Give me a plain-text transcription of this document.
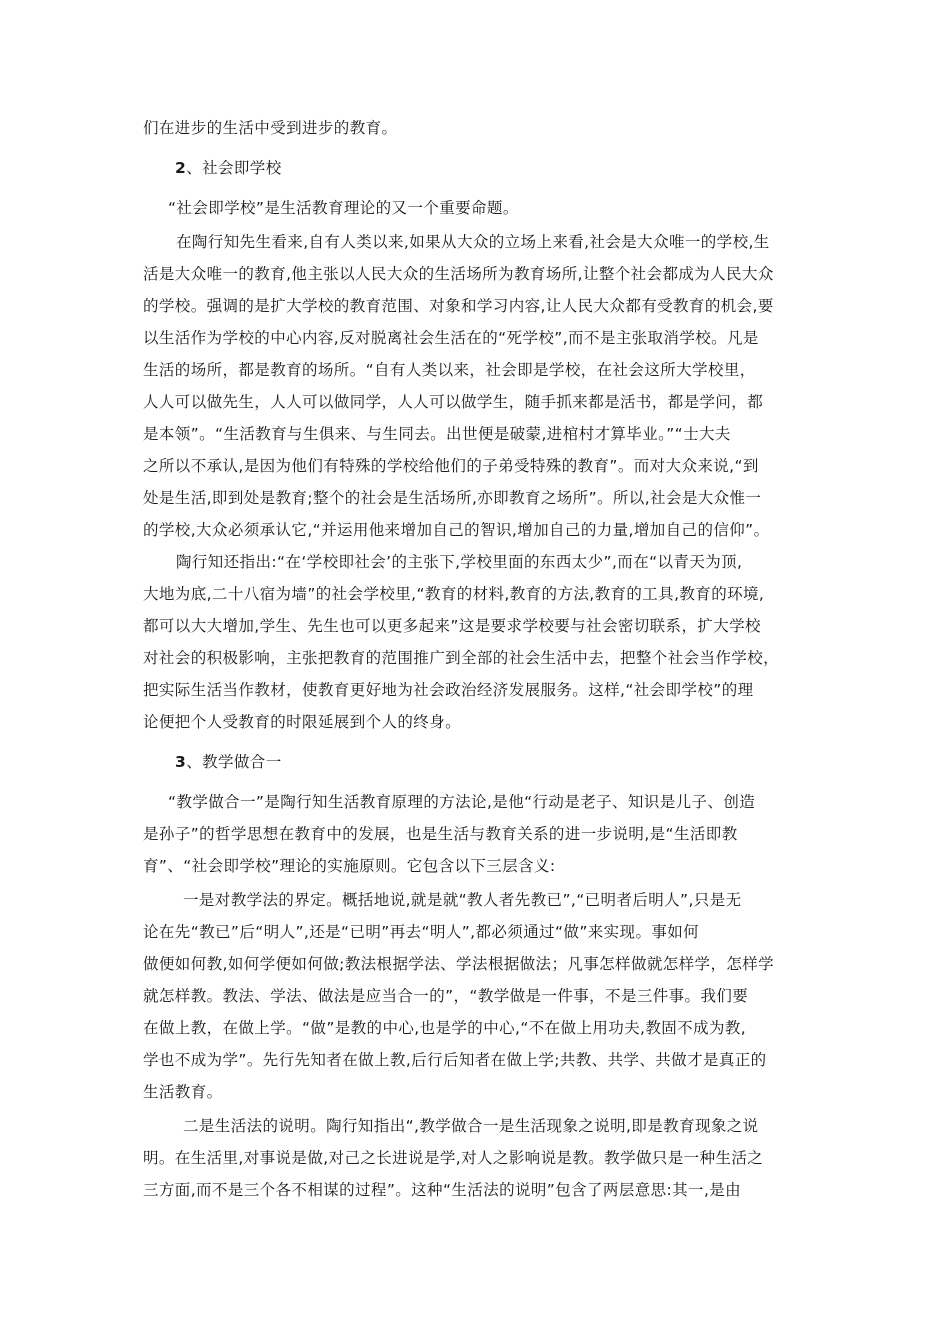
们在进步的生活中受到进步的教育。
2、社会即学校
“社会即学校”是生活教育理论的又一个重要命题。
在陶行知先生看来,自有人类以来,如果从大众的立场上来看,社会是大众唯一的学校,生
活是大众唯一的教育,他主张以人民大众的生活场所为教育场所,让整个社会都成为人民大众
的学校。强调的是扩大学校的教育范围、对象和学习内容,让人民大众都有受教育的机会,要
以生活作为学校的中心内容,反对脱离社会生活在的“死学校”,而不是主张取消学校。凡是
生活的场所，都是教育的场所。“自有人类以来，社会即是学校，在社会这所大学校里，
人人可以做先生，人人可以做同学，人人可以做学生，随手抓来都是活书，都是学问，都
是本领”。“生活教育与生俱来、与生同去。出世便是破蒙,进棺村才算毕业。”“士大夫
之所以不承认,是因为他们有特殊的学校给他们的子弟受特殊的教育”。而对大众来说,“到
处是生活,即到处是教育;整个的社会是生活场所,亦即教育之场所”。所以,社会是大众惟一
的学校,大众必须承认它,“并运用他来增加自己的智识,增加自己的力量,增加自己的信仰”。
陶行知还指出:“在‘学校即社会’的主张下,学校里面的东西太少”,而在“以青天为顶,
大地为底,二十八宿为墙”的社会学校里,“教育的材料,教育的方法,教育的工具,教育的环境,
都可以大大增加,学生、先生也可以更多起来”这是要求学校要与社会密切联系，扩大学校
对社会的积极影响，主张把教育的范围推广到全部的社会生活中去，把整个社会当作学校，
把实际生活当作教材，使教育更好地为社会政治经济发展服务。这样,“社会即学校”的理
论便把个人受教育的时限延展到个人的终身。
3、教学做合一
“教学做合一”是陶行知生活教育原理的方法论,是他“行动是老子、知识是儿子、创造
是孙子”的哲学思想在教育中的发展，也是生活与教育关系的进一步说明,是“生活即教
育”、“社会即学校”理论的实施原则。它包含以下三层含义:
一是对教学法的界定。概括地说,就是就“教人者先教已”,“已明者后明人”,只是无
论在先“教已”后“明人”,还是“已明”再去“明人”,都必须通过“做”来实现。事如何
做便如何教,如何学便如何做;教法根据学法、学法根据做法；凡事怎样做就怎样学，怎样学
就怎样教。教法、学法、做法是应当合一的”，“教学做是一件事，不是三件事。我们要
在做上教，在做上学。“做”是教的中心,也是学的中心,“不在做上用功夫,教固不成为教,
学也不成为学”。先行先知者在做上教,后行后知者在做上学;共教、共学、共做才是真正的
生活教育。
二是生活法的说明。陶行知指出“,教学做合一是生活现象之说明,即是教育现象之说
明。在生活里,对事说是做,对己之长进说是学,对人之影响说是教。教学做只是一种生活之
三方面,而不是三个各不相谋的过程”。这种“生活法的说明”包含了两层意思:其一,是由
